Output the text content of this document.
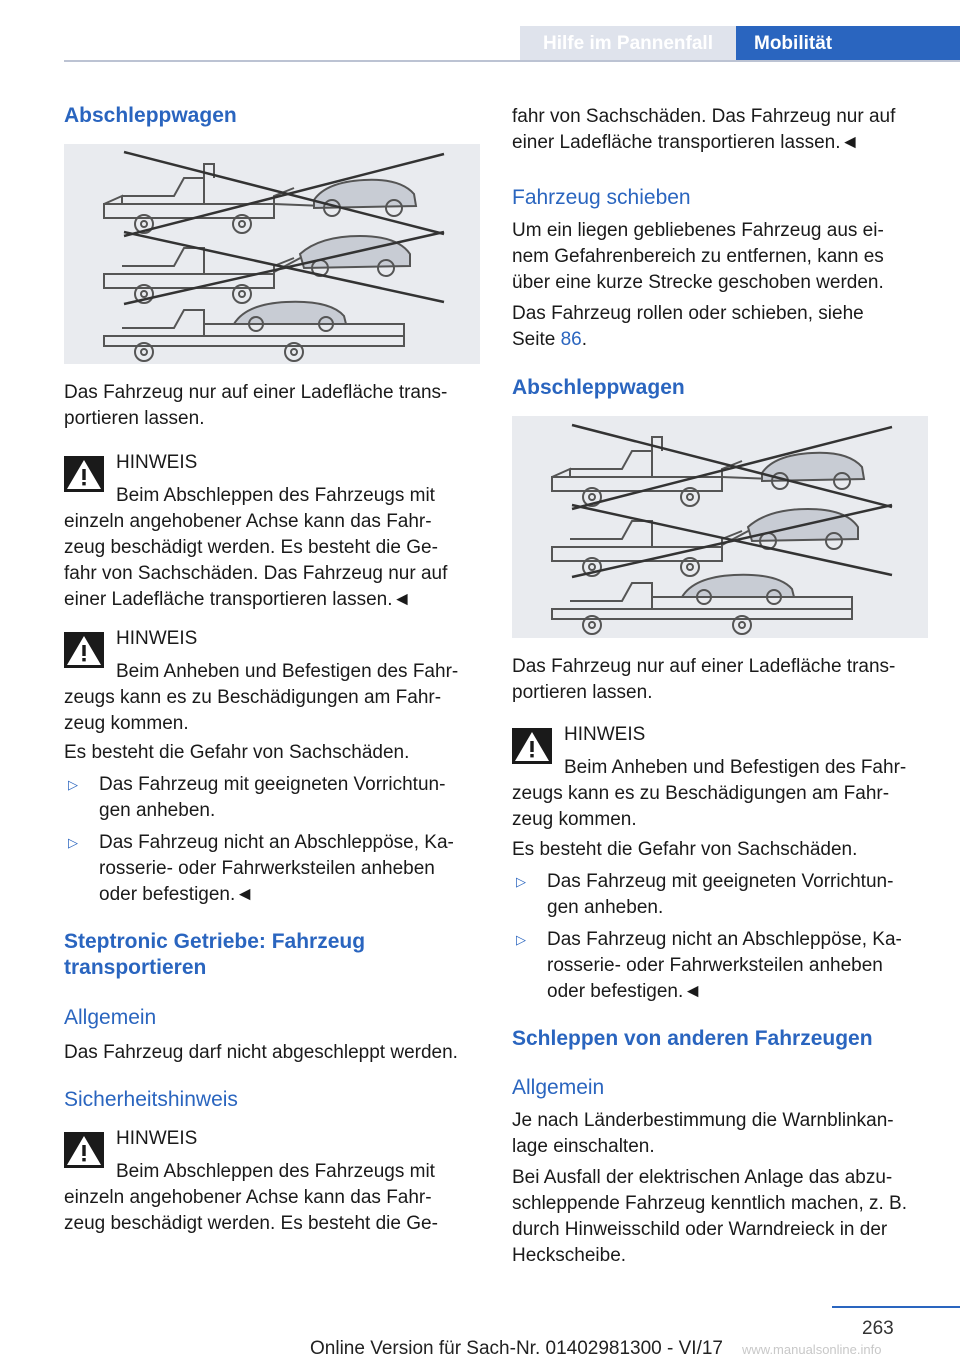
Hilfe im Pannenfall	Mobilität
Abschleppwagen

Das Fahrzeug nur auf einer Ladefläche trans-

portieren lassen.

HINWEIS

Beim Abschleppen des Fahrzeugs mit

einzeln angehobener Achse kann das Fahr-

zeug beschädigt werden. Es besteht die Ge-

fahr von Sachschäden. Das Fahrzeug nur auf

einer Ladefläche transportieren lassen.◄

HINWEIS

Beim Anheben und Befestigen des Fahr-

zeugs kann es zu Beschädigungen am Fahr-

zeug kommen.

Es besteht die Gefahr von Sachschäden.

▷ Das Fahrzeug mit geeigneten Vorrichtun-

gen anheben.

▷ Das Fahrzeug nicht an Abschleppöse, Ka-

rosserie- oder Fahrwerksteilen anheben

oder befestigen.◄

Steptronic Getriebe: Fahrzeug
transportieren
Allgemein

Das Fahrzeug darf nicht abgeschleppt werden.

Sicherheitshinweis

HINWEIS

Beim Abschleppen des Fahrzeugs mit

einzeln angehobener Achse kann das Fahr-

zeug beschädigt werden. Es besteht die Ge-

fahr von Sachschäden. Das Fahrzeug nur auf

einer Ladefläche transportieren lassen.◄

Fahrzeug schieben

Um ein liegen gebliebenes Fahrzeug aus ei-

nem Gefahrenbereich zu entfernen, kann es

über eine kurze Strecke geschoben werden.

Das Fahrzeug rollen oder schieben, siehe

Seite 86.

Abschleppwagen

Das Fahrzeug nur auf einer Ladefläche trans-

portieren lassen.

HINWEIS

Beim Anheben und Befestigen des Fahr-

zeugs kann es zu Beschädigungen am Fahr-

zeug kommen.

Es besteht die Gefahr von Sachschäden.

▷ Das Fahrzeug mit geeigneten Vorrichtun-

gen anheben.

▷ Das Fahrzeug nicht an Abschleppöse, Ka-

rosserie- oder Fahrwerksteilen anheben

oder befestigen.◄

Schleppen von anderen Fahrzeugen
Allgemein

Je nach Länderbestimmung die Warnblinkan-

lage einschalten.

Bei Ausfall der elektrischen Anlage das abzu-

schleppende Fahrzeug kenntlich machen, z. B.

durch Hinweisschild oder Warndreieck in der

Heckscheibe.

263
Online Version für Sach-Nr. 01402981300 - VI/17 www.manualsonline.info
